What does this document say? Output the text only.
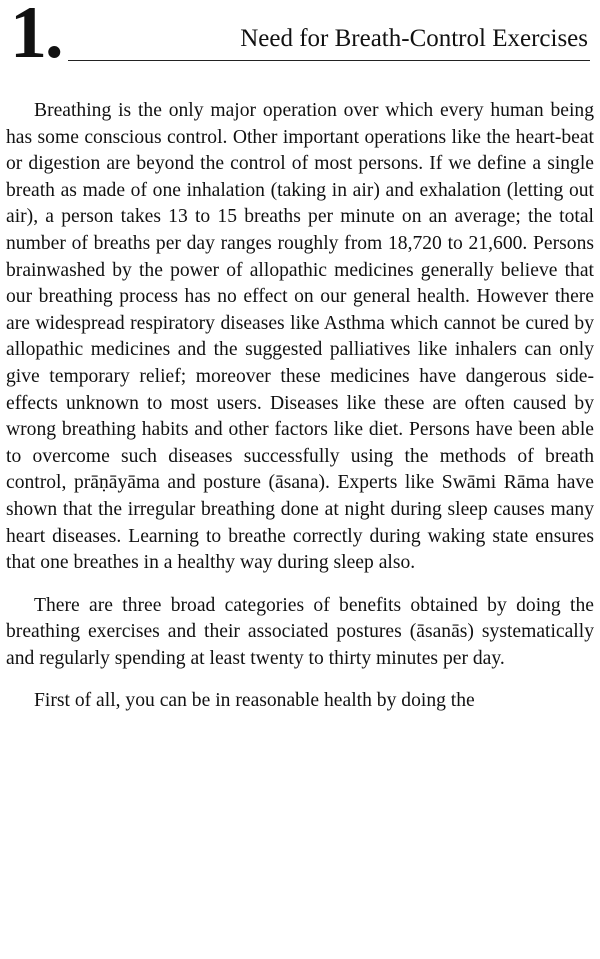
1.	Need for Breath-Control Exercises

Breathing is the only major operation over which every human being has some conscious control. Other important operations like the heart-beat or digestion are beyond the control of most persons. If we define a single breath as made of one inhalation (taking in air) and exhalation (letting out air), a person takes 13 to 15 breaths per minute on an average; the total number of breaths per day ranges roughly from 18,720 to 21,600. Persons brainwashed by the power of allopathic medicines generally believe that our breathing process has no effect on our general health. However there are widespread respiratory diseases like Asthma which cannot be cured by allopathic medicines and the suggested palliatives like inhalers can only give temporary relief; moreover these medicines have dangerous side-effects unknown to most users. Diseases like these are often caused by wrong breathing habits and other factors like diet. Persons have been able to overcome such diseases successfully using the methods of breath control, prāṇāyāma and posture (āsana). Experts like Swāmi Rāma have shown that the irregular breathing done at night during sleep causes many heart diseases. Learning to breathe correctly during waking state ensures that one breathes in a healthy way during sleep also.

There are three broad categories of benefits obtained by doing the breathing exercises and their associated postures (āsanās) systematically and regularly spending at least twenty to thirty minutes per day.

First of all, you can be in reasonable health by doing the
